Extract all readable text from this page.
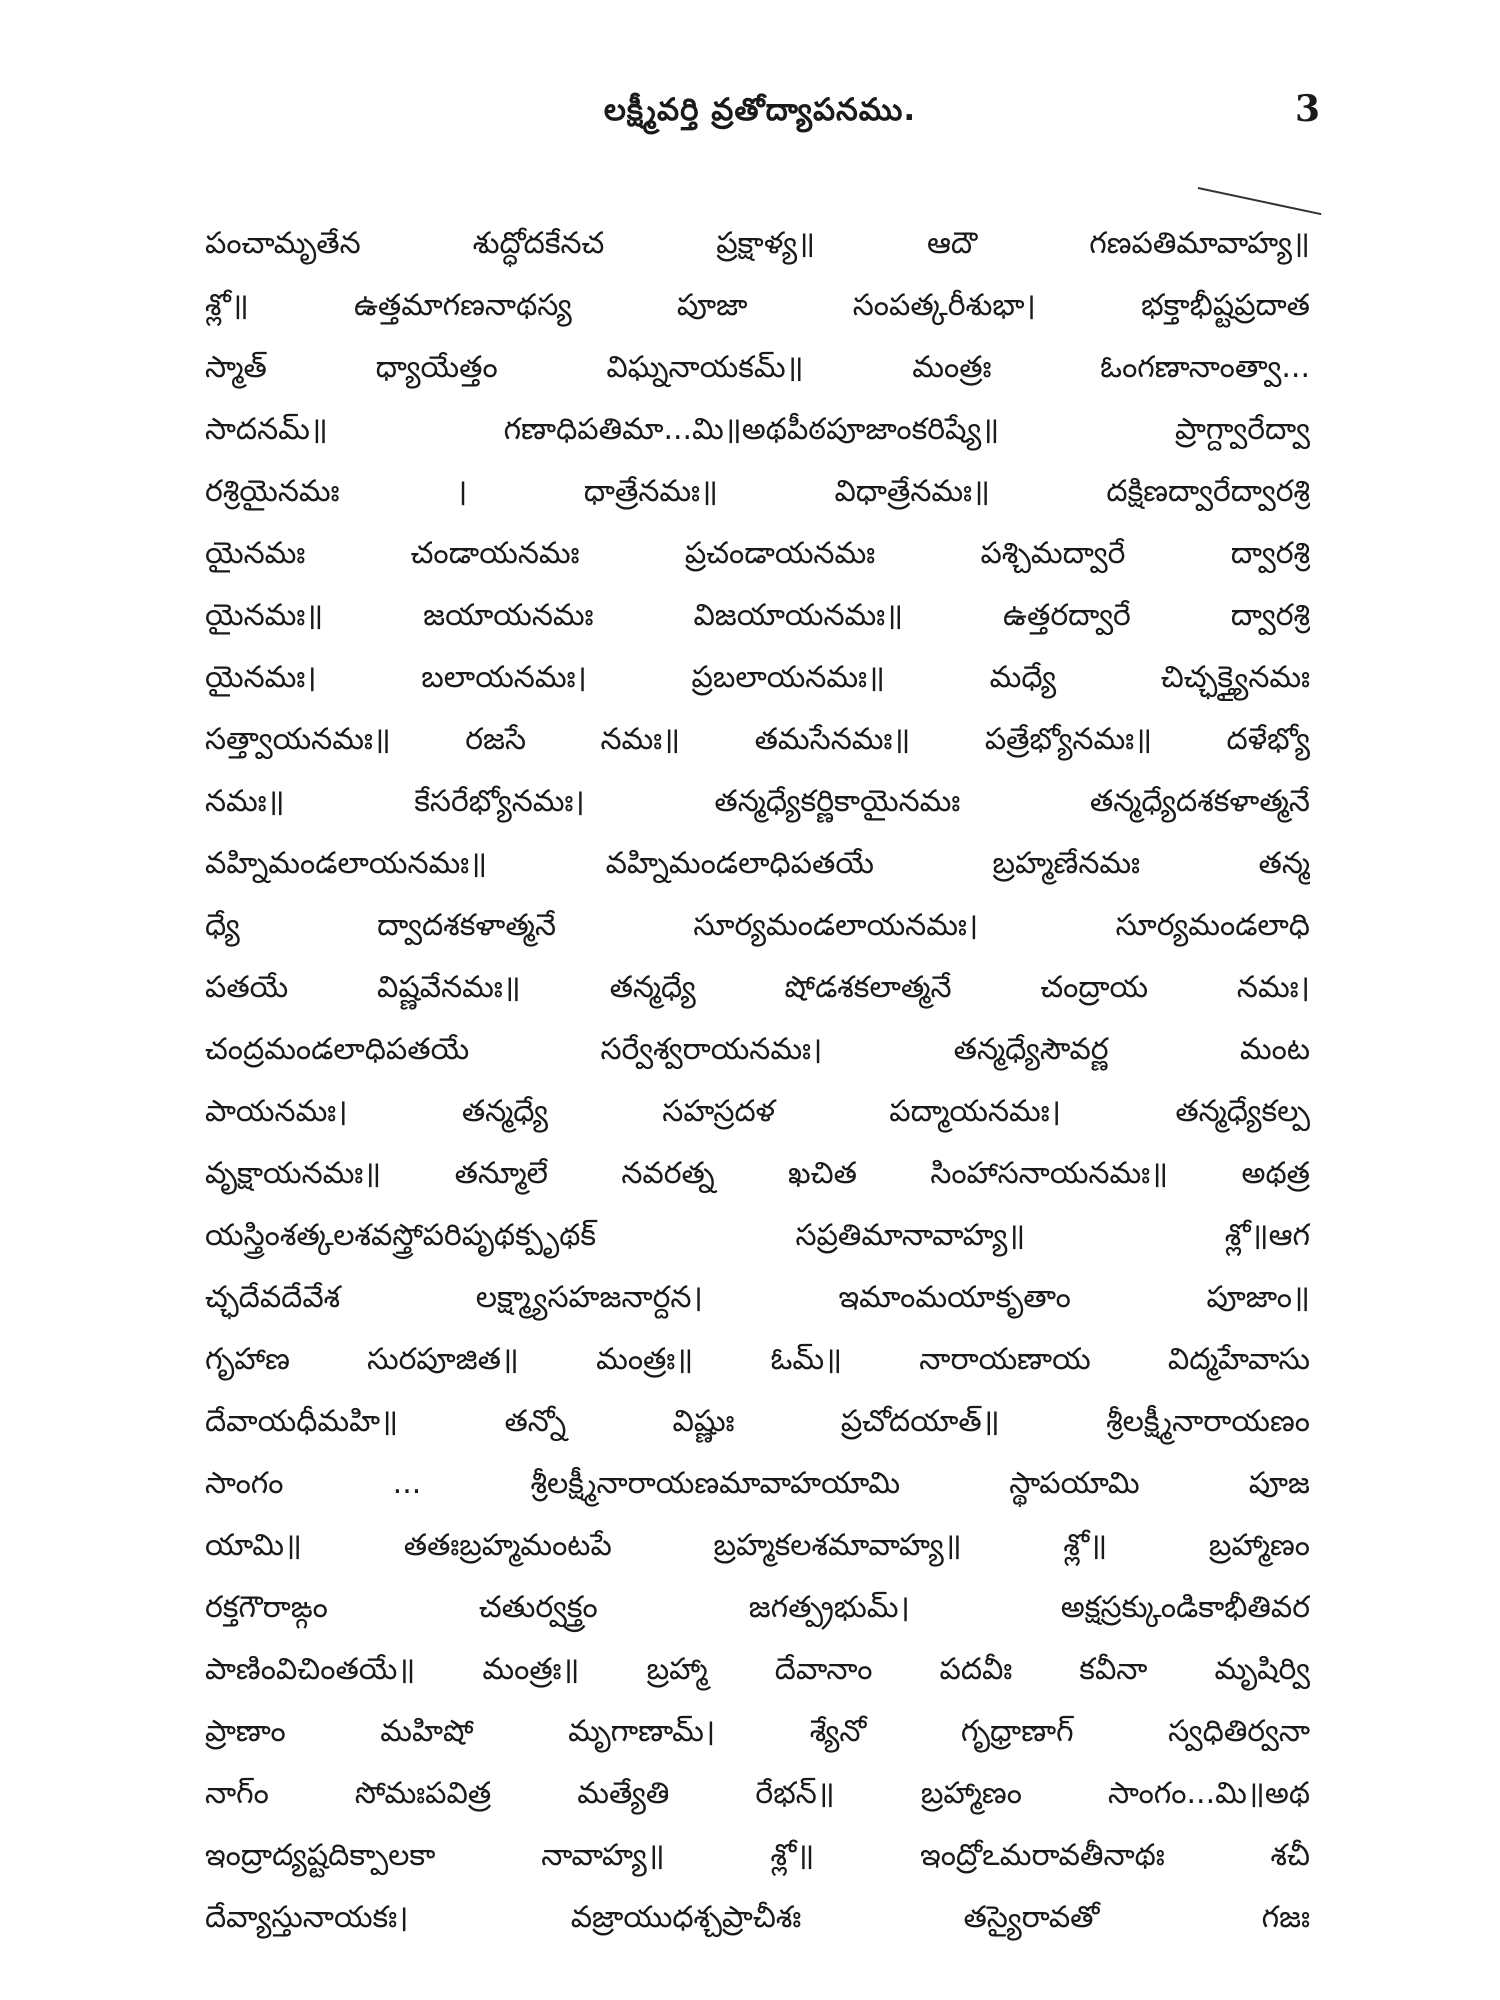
లక్ష్మీవర్తి వ్రతోద్యాపనము.	3
పంచామృతేన శుద్ధోదకేనచ ప్రక్షాళ్య॥ ఆదౌ గణపతిమావాహ్య॥
శ్లో॥ ఉత్తమాగణనాథస్య పూజా సంపత్కరీశుభా। భక్తాభీష్టప్రదాత
స్మాత్ ధ్యాయేత్తం విఘ్ననాయకమ్॥ మంత్రః ఓంగణానాంత్వా...
సాదనమ్॥ గణాధిపతిమా...మి॥అథపీఠపూజాంకరిష్యే॥ ప్రాగ్ద్వారేద్వా
రశ్రియైనమః । ధాత్రేనమః॥ విధాత్రేనమః॥ దక్షిణద్వారేద్వారశ్రి
యైనమః చండాయనమః ప్రచండాయనమః పశ్చిమద్వారే ద్వారశ్రి
యైనమః॥ జయాయనమః విజయాయనమః॥ ఉత్తరద్వారే ద్వారశ్రి
యైనమః। బలాయనమః। ప్రబలాయనమః॥ మధ్యే చిచ్ఛక్త్యైనమః
సత్త్వాయనమః॥ రజసే నమః॥ తమసేనమః॥ పత్రేభ్యోనమః॥ దళేభ్యో
నమః॥ కేసరేభ్యోనమః। తన్మధ్యేకర్ణికాయైనమః తన్మధ్యేదశకళాత్మనే
వహ్నిమండలాయనమః॥ వహ్నిమండలాధిపతయే బ్రహ్మణేనమః తన్మ
ధ్యే ద్వాదశకళాత్మనే సూర్యమండలాయనమః। సూర్యమండలాధి
పతయే విష్ణవేనమః॥ తన్మధ్యే షోడశకలాత్మనే చంద్రాయ నమః।
చంద్రమండలాధిపతయే సర్వేశ్వరాయనమః। తన్మధ్యేసౌవర్ణ మంట
పాయనమః। తన్మధ్యే సహస్రదళ పద్మాయనమః। తన్మధ్యేకల్ప
వృక్షాయనమః॥ తన్మూలే నవరత్న ఖచిత సింహాసనాయనమః॥ అథత్ర
యస్త్రింశత్కలశవస్త్రోపరిపృథక్పృథక్ సప్రతిమానావాహ్య॥ శ్లో॥ఆగ
చ్ఛదేవదేవేశ లక్ష్మ్యాసహజనార్దన। ఇమాంమయాకృతాం పూజాం॥
గృహాణ సురపూజిత॥ మంత్రః॥ ఓమ్॥ నారాయణాయ విద్మహేవాసు
దేవాయధీమహి॥ తన్నో విష్ణుః ప్రచోదయాత్॥ శ్రీలక్ష్మీనారాయణం
సాంగం ... శ్రీలక్ష్మీనారాయణమావాహయామి స్థాపయామి పూజ
యామి॥ తతఃబ్రహ్మమంటపే బ్రహ్మకలశమావాహ్య॥ శ్లో॥ బ్రహ్మాణం
రక్తగౌరాఙ్గం చతుర్వక్త్రం జగత్ప్రభుమ్। అక్షస్రక్కుండికాభీతివర
పాణింవిచింతయే॥ మంత్రః॥ బ్రహ్మా దేవానాం పదవీః కవీనా మృషిర్వి
ప్రాణాం మహిషో మృగాణామ్। శ్యేనో గృధ్రాణాగ్ స్వధితిర్వనా
నాగ్ం సోమఃపవిత్ర మత్యేతి రేభన్॥ బ్రహ్మాణం సాంగం...మి॥అథ
ఇంద్రాద్యష్టదిక్పాలకా నావాహ్య॥ శ్లో॥ ఇంద్రోఽమరావతీనాథః శచీ
దేవ్యాస్తునాయకః। వజ్రాయుధశ్చప్రాచీశః తస్యైరావతో గజః
